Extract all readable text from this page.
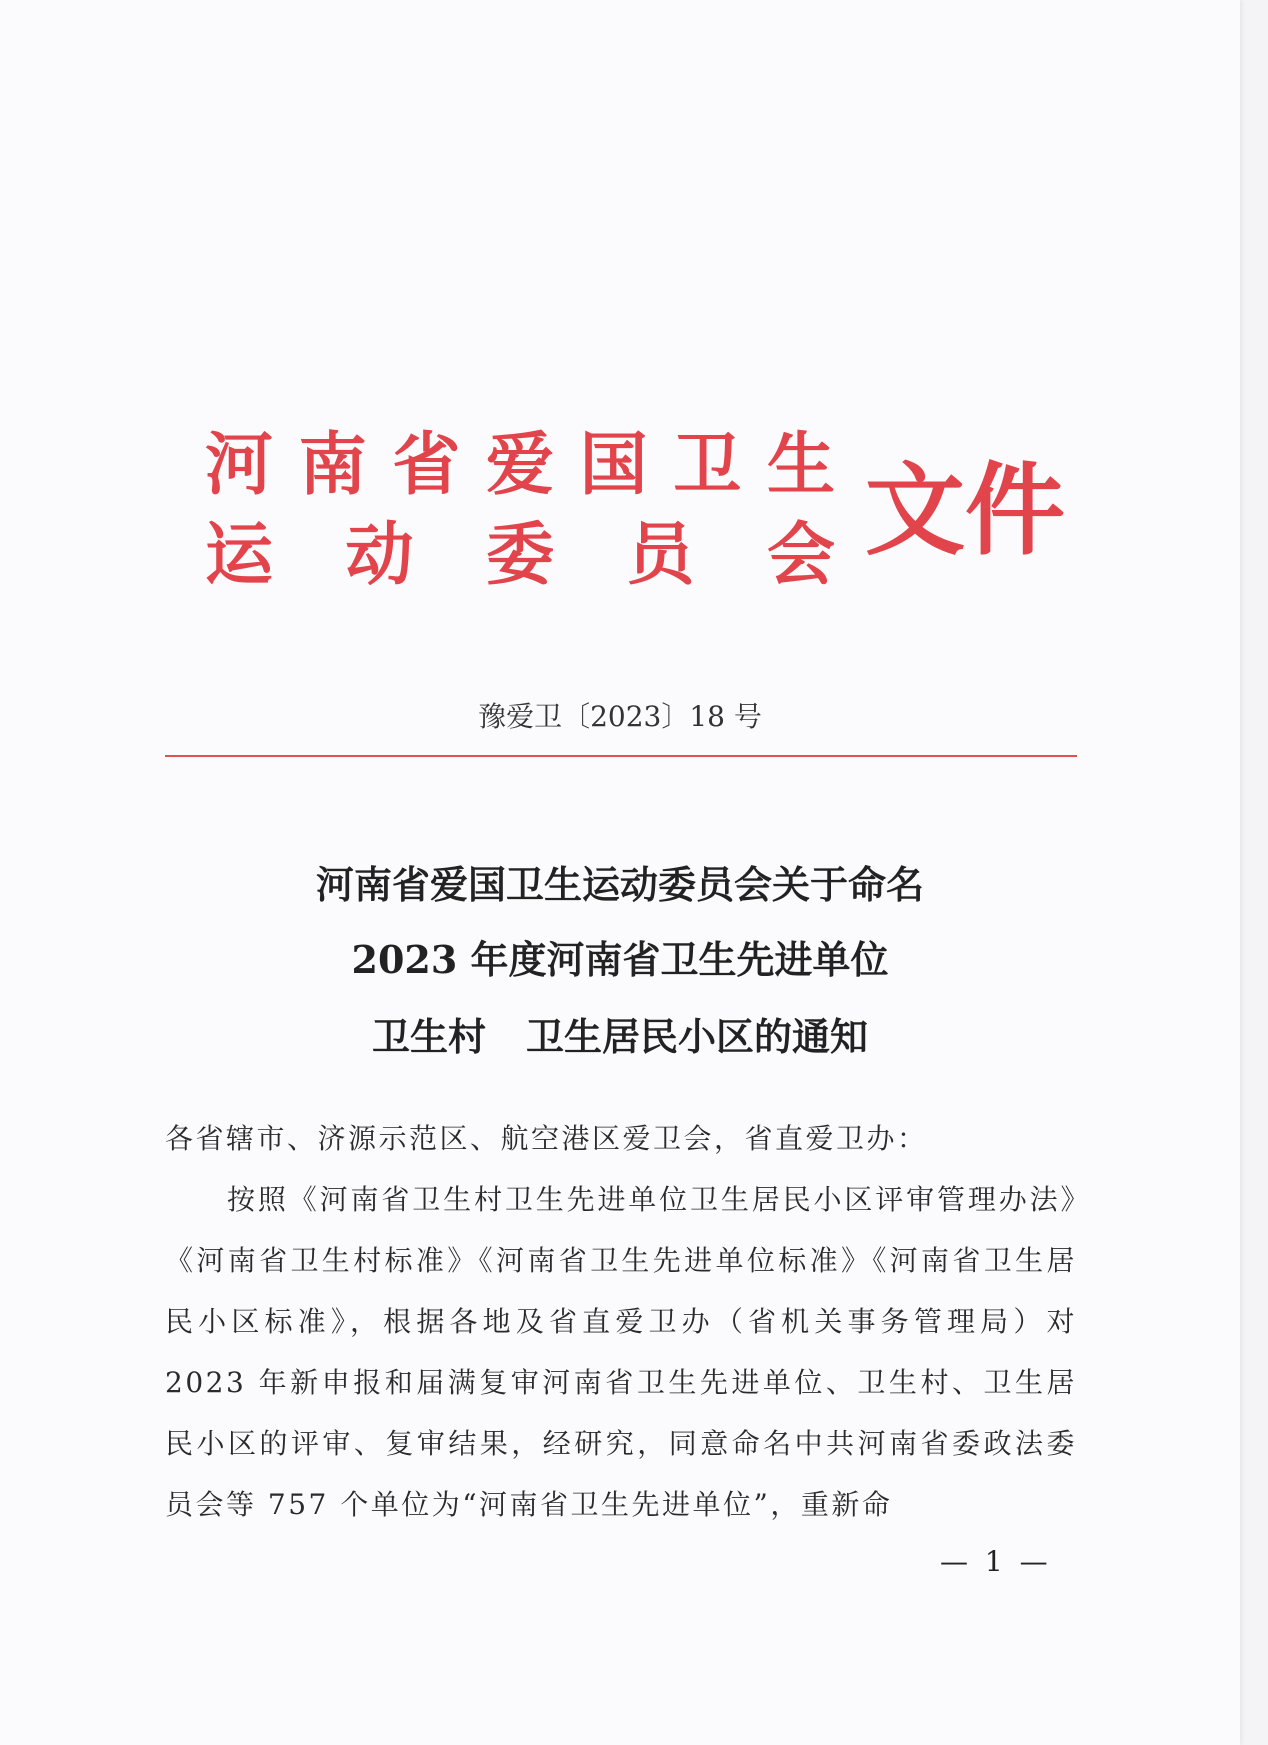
河 南 省 爱 国 卫 生
运 动 委 员 会 文件
豫爱卫〔2023〕18 号
河南省爱国卫生运动委员会关于命名
2023 年度河南省卫生先进单位
卫生村 卫生居民小区的通知

各省辖市、济源示范区、航空港区爱卫会，省直爱卫办：

按照《河南省卫生村卫生先进单位卫生居民小区评审管理办法》《河南省卫生村标准》《河南省卫生先进单位标准》《河南省卫生居民小区标准》，根据各地及省直爱卫办（省机关事务管理局）对 2023 年新申报和届满复审河南省卫生先进单位、卫生村、卫生居民小区的评审、复审结果，经研究，同意命名中共河南省委政法委员会等 757 个单位为“河南省卫生先进单位”，重新命

— 1 —
